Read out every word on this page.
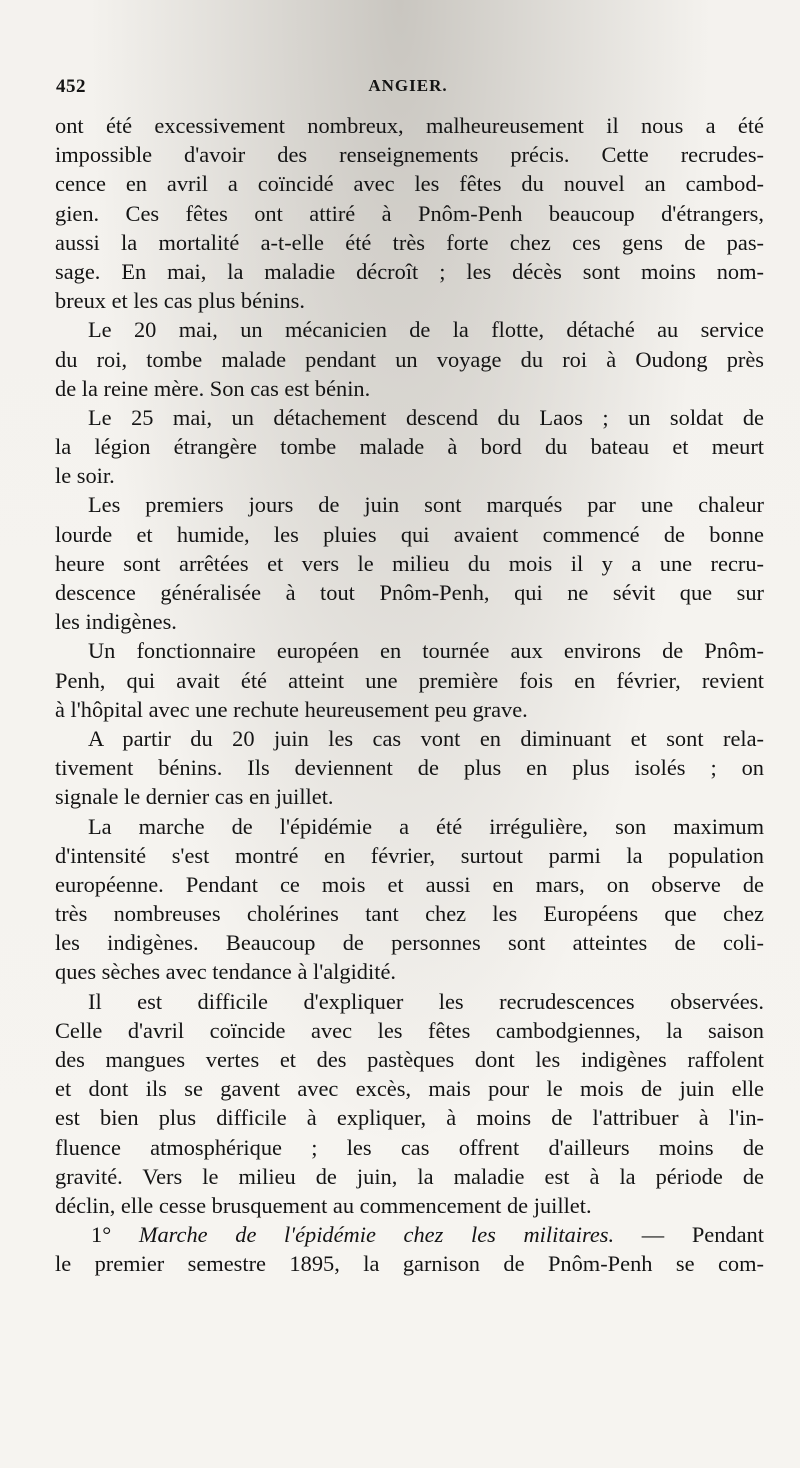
452	ANGIER.
ont été excessivement nombreux, malheureusement il nous a été
impossible d'avoir des renseignements précis. Cette recrudes-
cence en avril a coïncidé avec les fêtes du nouvel an cambod-
gien. Ces fêtes ont attiré à Pnôm-Penh beaucoup d'étrangers,
aussi la mortalité a-t-elle été très forte chez ces gens de pas-
sage. En mai, la maladie décroît ; les décès sont moins nom-
breux et les cas plus bénins.
Le 20 mai, un mécanicien de la flotte, détaché au service
du roi, tombe malade pendant un voyage du roi à Oudong près
de la reine mère. Son cas est bénin.
Le 25 mai, un détachement descend du Laos ; un soldat de
la légion étrangère tombe malade à bord du bateau et meurt
le soir.
Les premiers jours de juin sont marqués par une chaleur
lourde et humide, les pluies qui avaient commencé de bonne
heure sont arrêtées et vers le milieu du mois il y a une recru-
descence généralisée à tout Pnôm-Penh, qui ne sévit que sur
les indigènes.
Un fonctionnaire européen en tournée aux environs de Pnôm-
Penh, qui avait été atteint une première fois en février, revient
à l'hôpital avec une rechute heureusement peu grave.
A partir du 20 juin les cas vont en diminuant et sont rela-
tivement bénins. Ils deviennent de plus en plus isolés ; on
signale le dernier cas en juillet.
La marche de l'épidémie a été irrégulière, son maximum
d'intensité s'est montré en février, surtout parmi la population
européenne. Pendant ce mois et aussi en mars, on observe de
très nombreuses cholérines tant chez les Européens que chez
les indigènes. Beaucoup de personnes sont atteintes de coli-
ques sèches avec tendance à l'algidité.
Il est difficile d'expliquer les recrudescences observées.
Celle d'avril coïncide avec les fêtes cambodgiennes, la saison
des mangues vertes et des pastèques dont les indigènes raffolent
et dont ils se gavent avec excès, mais pour le mois de juin elle
est bien plus difficile à expliquer, à moins de l'attribuer à l'in-
fluence atmosphérique ; les cas offrent d'ailleurs moins de
gravité. Vers le milieu de juin, la maladie est à la période de
déclin, elle cesse brusquement au commencement de juillet.
1° Marche de l'épidémie chez les militaires. — Pendant
le premier semestre 1895, la garnison de Pnôm-Penh se com-
